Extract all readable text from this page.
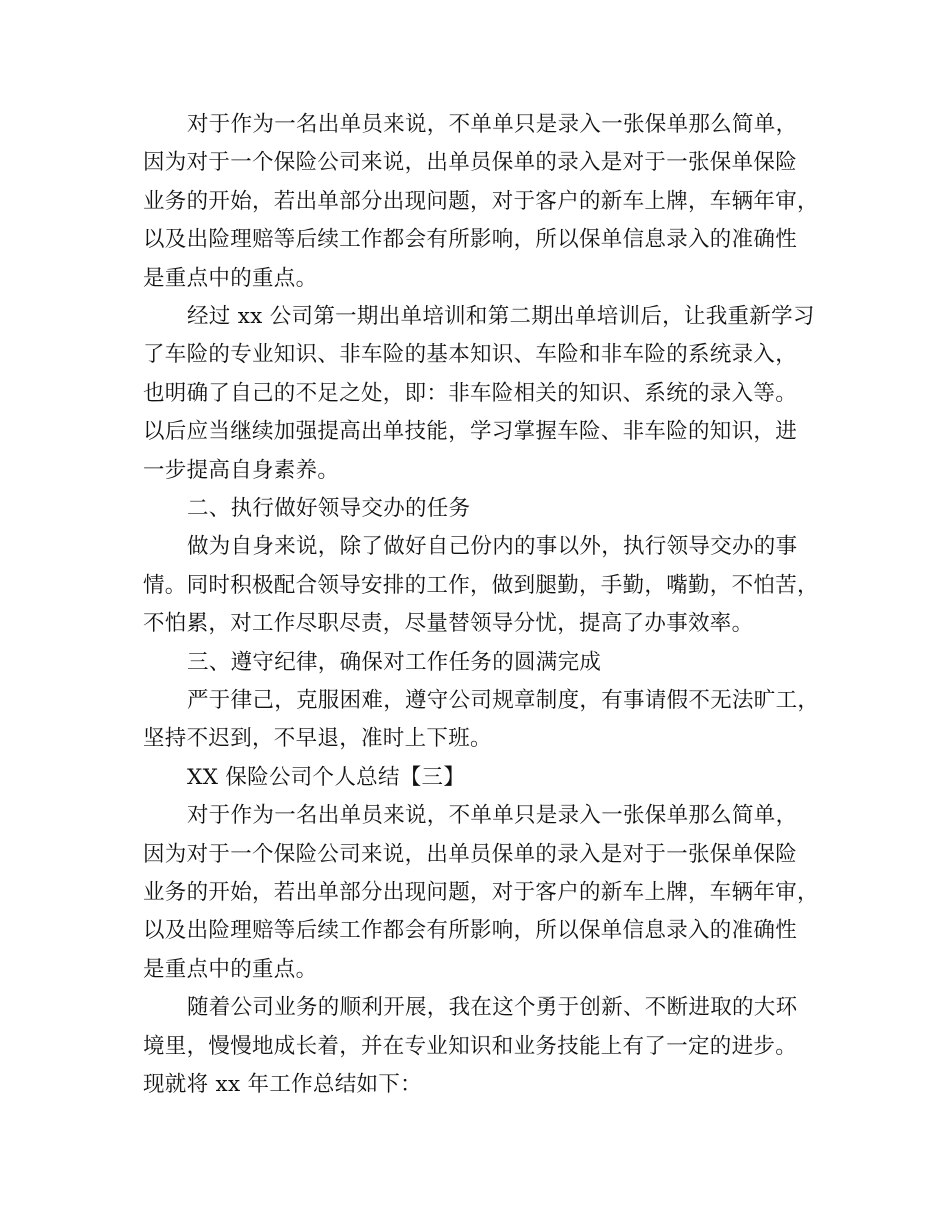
对于作为一名出单员来说，不单单只是录入一张保单那么简单，
因为对于一个保险公司来说，出单员保单的录入是对于一张保单保险
业务的开始，若出单部分出现问题，对于客户的新车上牌，车辆年审，
以及出险理赔等后续工作都会有所影响，所以保单信息录入的准确性
是重点中的重点。
经过 xx 公司第一期出单培训和第二期出单培训后，让我重新学习
了车险的专业知识、非车险的基本知识、车险和非车险的系统录入，
也明确了自己的不足之处，即：非车险相关的知识、系统的录入等。
以后应当继续加强提高出单技能，学习掌握车险、非车险的知识，进
一步提高自身素养。
二、执行做好领导交办的任务
做为自身来说，除了做好自己份内的事以外，执行领导交办的事
情。同时积极配合领导安排的工作，做到腿勤，手勤，嘴勤，不怕苦，
不怕累，对工作尽职尽责，尽量替领导分忧，提高了办事效率。
三、遵守纪律，确保对工作任务的圆满完成
严于律己，克服困难，遵守公司规章制度，有事请假不无法旷工，
坚持不迟到，不早退，准时上下班。
XX 保险公司个人总结【三】
对于作为一名出单员来说，不单单只是录入一张保单那么简单，
因为对于一个保险公司来说，出单员保单的录入是对于一张保单保险
业务的开始，若出单部分出现问题，对于客户的新车上牌，车辆年审，
以及出险理赔等后续工作都会有所影响，所以保单信息录入的准确性
是重点中的重点。
随着公司业务的顺利开展，我在这个勇于创新、不断进取的大环
境里，慢慢地成长着，并在专业知识和业务技能上有了一定的进步。
现就将 xx 年工作总结如下：
